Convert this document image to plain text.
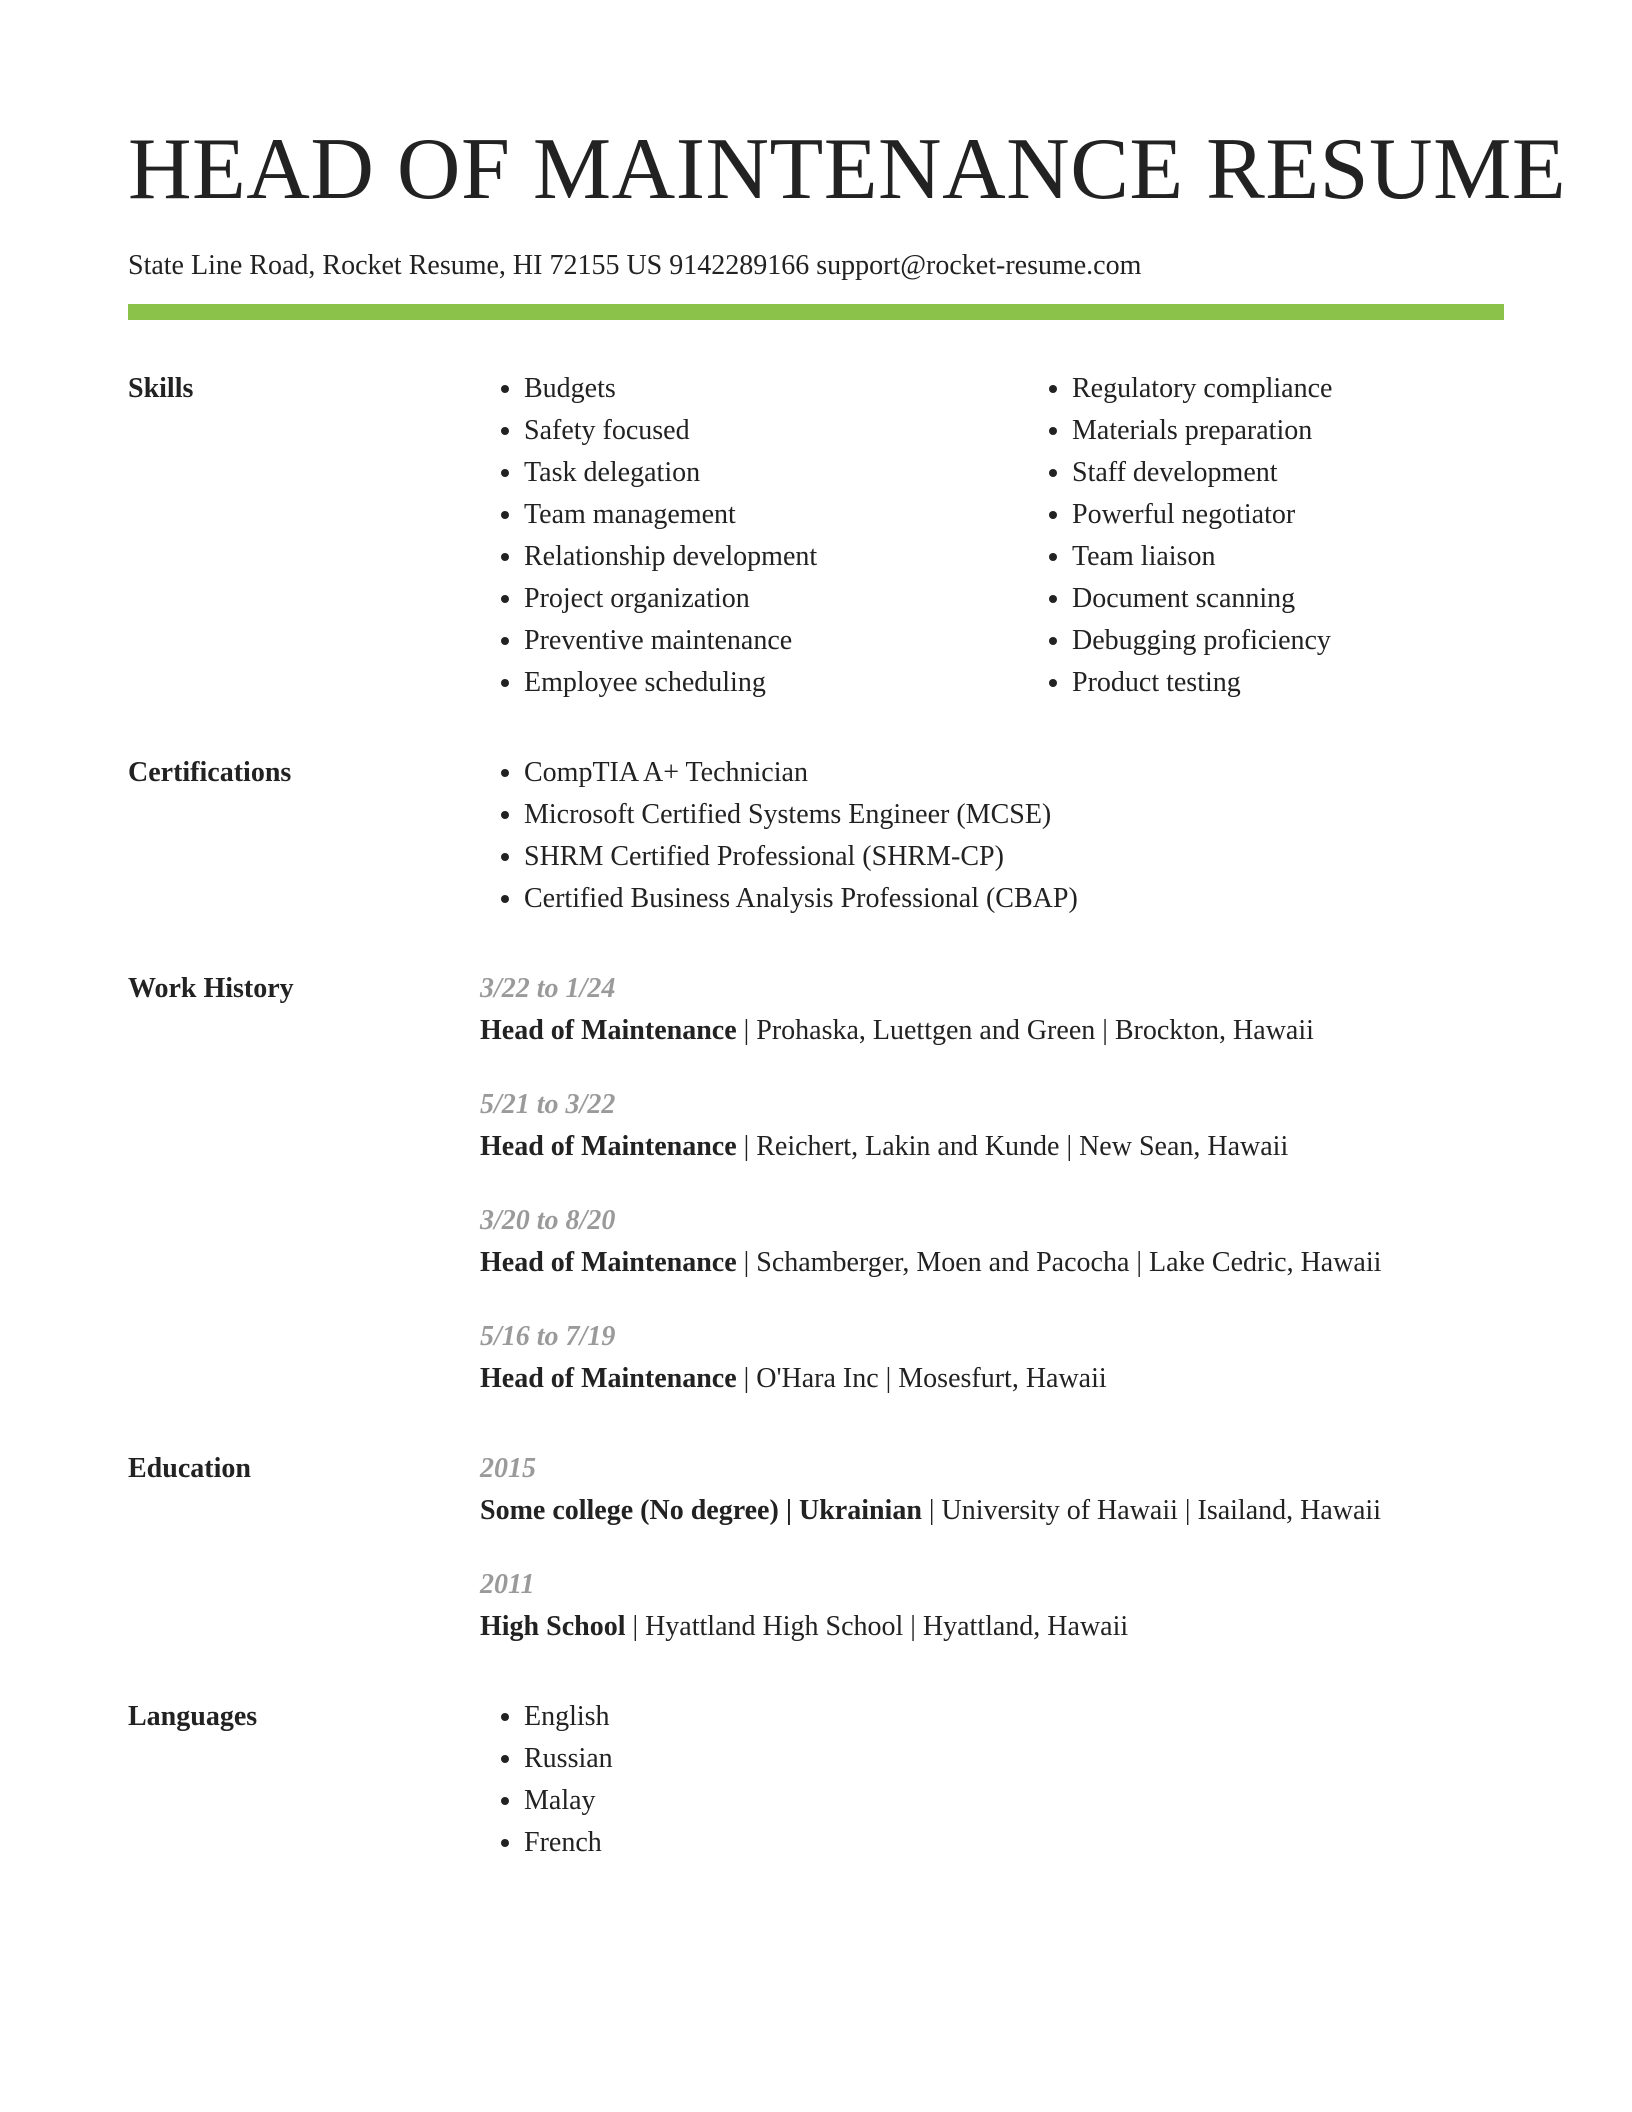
HEAD OF MAINTENANCE RESUME
State Line Road, Rocket Resume, HI 72155 US 9142289166 support@rocket-resume.com
Skills	• Budgets
• Safety focused
• Task delegation
• Team management
• Relationship development
• Project organization
• Preventive maintenance
• Employee scheduling
• Regulatory compliance
• Materials preparation
• Staff development
• Powerful negotiator
• Team liaison
• Document scanning
• Debugging proficiency
• Product testing
Certifications	• CompTIA A+ Technician
• Microsoft Certified Systems Engineer (MCSE)
• SHRM Certified Professional (SHRM-CP)
• Certified Business Analysis Professional (CBAP)
Work History	3/22 to 1/24
Head of Maintenance | Prohaska, Luettgen and Green | Brockton, Hawaii
5/21 to 3/22
Head of Maintenance | Reichert, Lakin and Kunde | New Sean, Hawaii
3/20 to 8/20
Head of Maintenance | Schamberger, Moen and Pacocha | Lake Cedric, Hawaii
5/16 to 7/19
Head of Maintenance | O'Hara Inc | Mosesfurt, Hawaii
Education	2015
Some college (No degree) | Ukrainian | University of Hawaii | Isailand, Hawaii
2011
High School | Hyattland High School | Hyattland, Hawaii
Languages	• English
• Russian
• Malay
• French
